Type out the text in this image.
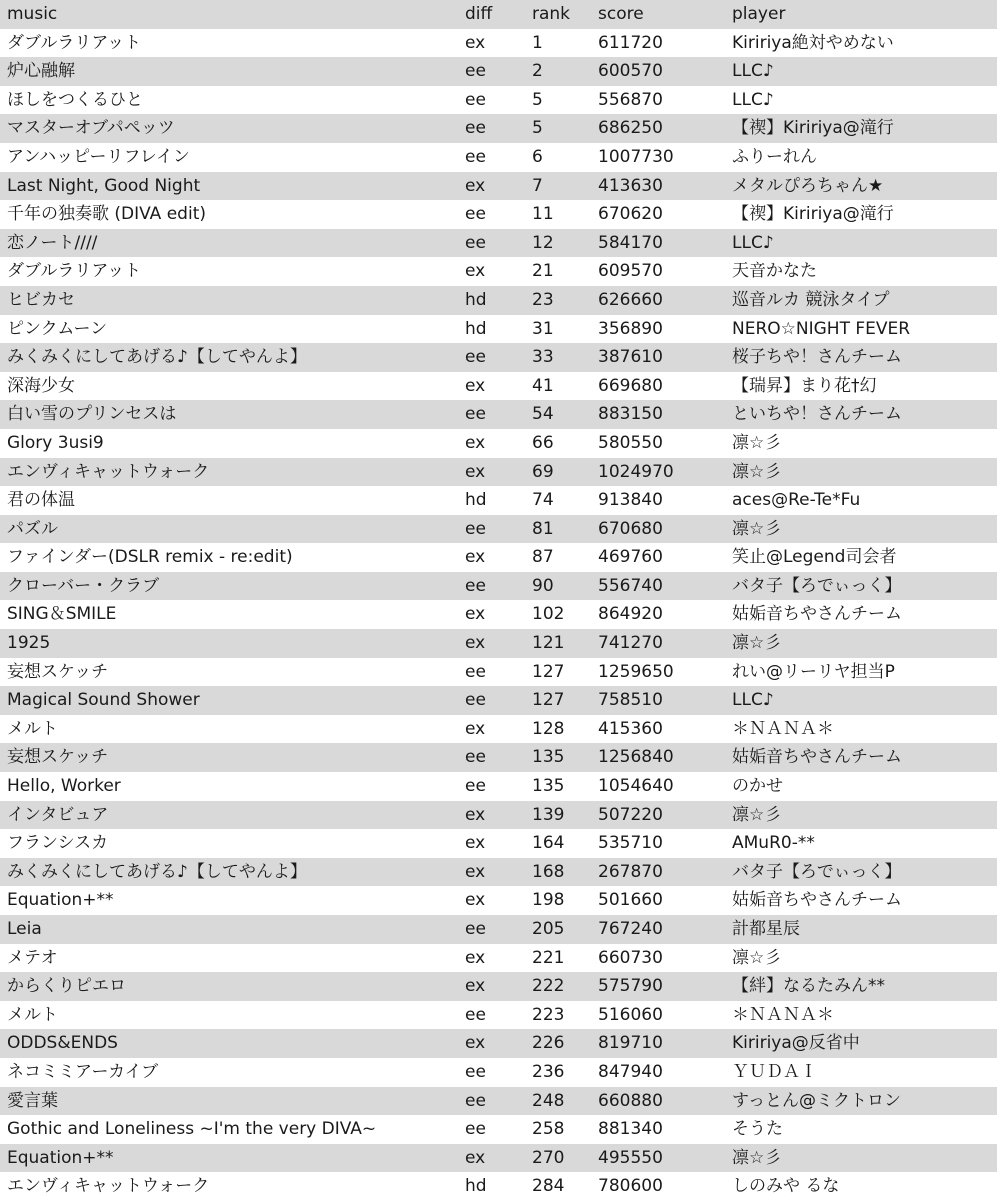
music	diff	rank	score	player
ダブルラリアット	ex	1	611720	Kiririya絶対やめない
炉心融解	ee	2	600570	LLC♪
ほしをつくるひと	ee	5	556870	LLC♪
マスターオブパペッツ	ee	5	686250	【禊】Kiririya@滝行
アンハッピーリフレイン	ee	6	1007730	ふりーれん
Last Night, Good Night	ex	7	413630	メタルぴろちゃん★
千年の独奏歌 (DIVA edit)	ee	11	670620	【禊】Kiririya@滝行
恋ノート////	ee	12	584170	LLC♪
ダブルラリアット	ex	21	609570	天音かなた
ヒビカセ	hd	23	626660	巡音ルカ 競泳タイプ
ピンクムーン	hd	31	356890	NERO☆NIGHT FEVER
みくみくにしてあげる♪【してやんよ】	ee	33	387610	桜子ちや！さんチーム
深海少女	ex	41	669680	【瑞昇】まり花†幻
白い雪のプリンセスは	ee	54	883150	といちや！さんチーム
Glory 3usi9	ex	66	580550	凛☆彡
エンヴィキャットウォーク	ex	69	1024970	凛☆彡
君の体温	hd	74	913840	aces@Re-Te*Fu
パズル	ee	81	670680	凛☆彡
ファインダー(DSLR remix - re:edit)	ex	87	469760	笑止@Legend司会者
クローバー・クラブ	ee	90	556740	バタ子【ろでぃっく】
SING＆SMILE	ex	102	864920	姑姤音ちやさんチーム
1925	ex	121	741270	凛☆彡
妄想スケッチ	ee	127	1259650	れい@リーリヤ担当P
Magical Sound Shower	ee	127	758510	LLC♪
メルト	ex	128	415360	＊ＮＡＮＡ＊
妄想スケッチ	ee	135	1256840	姑姤音ちやさんチーム
Hello, Worker	ee	135	1054640	のかせ
インタビュア	ex	139	507220	凛☆彡
フランシスカ	ex	164	535710	AMuR0-**
みくみくにしてあげる♪【してやんよ】	ex	168	267870	バタ子【ろでぃっく】
Equation+**	ex	198	501660	姑姤音ちやさんチーム
Leia	ee	205	767240	計都星辰
メテオ	ex	221	660730	凛☆彡
からくりピエロ	ex	222	575790	【絆】なるたみん**
メルト	ee	223	516060	＊ＮＡＮＡ＊
ODDS&ENDS	ex	226	819710	Kiririya@反省中
ネコミミアーカイブ	ee	236	847940	ＹＵＤＡＩ
愛言葉	ee	248	660880	すっとん@ミクトロン
Gothic and Loneliness ~I'm the very DIVA~	ee	258	881340	そうた
Equation+**	ex	270	495550	凛☆彡
エンヴィキャットウォーク	hd	284	780600	しのみや るな
